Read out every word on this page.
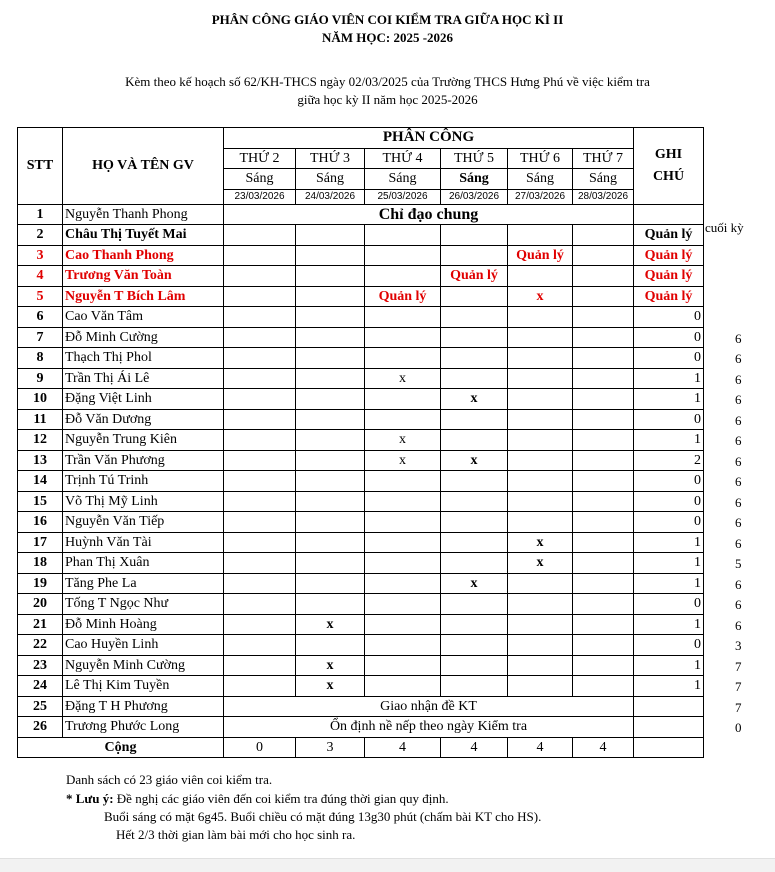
PHÂN CÔNG GIÁO VIÊN COI KIỂM TRA GIỮA HỌC KÌ II
NĂM HỌC: 2025 -2026
Kèm theo kế hoạch số 62/KH-THCS ngày 02/03/2025 của Trường THCS Hưng Phú về việc kiểm tra
giữa học kỳ II năm học 2025-2026
STT	HỌ VÀ TÊN GV	PHÂN CÔNG						GHI
CHÚ
		THỨ 2	THỨ 3	THỨ 4	THỨ 5	THỨ 6	THỨ 7	
		Sáng	Sáng	Sáng	Sáng	Sáng	Sáng	
		23/03/2026	24/03/2026	25/03/2026	26/03/2026	27/03/2026	28/03/2026	
1	Nguyễn Thanh Phong	Chỉ đạo chung						
2	Châu Thị Tuyết Mai							Quản lý
3	Cao Thanh Phong					Quản lý		Quản lý
4	Trương Văn Toàn				Quản lý			Quản lý
5	Nguyễn T Bích Lâm			Quản lý		x		Quản lý
6	Cao Văn Tâm							0
7	Đỗ Minh Cường							0
8	Thạch Thị Phol							0
9	Trần Thị Ái Lê			x				1
10	Đặng Việt Linh				x			1
11	Đỗ Văn Dương							0
12	Nguyễn Trung Kiên			x				1
13	Trần Văn Phương			x	x			2
14	Trịnh Tú Trinh							0
15	Võ Thị Mỹ Linh							0
16	Nguyễn Văn Tiếp							0
17	Huỳnh Văn Tài					x		1
18	Phan Thị Xuân					x		1
19	Tăng Phe La				x			1
20	Tống T Ngọc Như							0
21	Đỗ Minh Hoàng		x					1
22	Cao Huyền Linh							0
23	Nguyễn Minh Cường		x					1
24	Lê Thị Kim Tuyền		x					1
25	Đặng T H Phương	Giao nhận đề KT						
26	Trương Phước Long	Ổn định nề nếp theo ngày Kiểm tra						
Cộng		0	3	4	4	4	4	
cuối kỳ
6
6
6
6
6
6
6
6
6
6
6
5
6
6
6
3
7
7
7
0
Danh sách có 23 giáo viên coi kiểm tra.
* Lưu ý: Đề nghị các giáo viên đến coi kiểm tra đúng thời gian quy định.
Buổi sáng có mặt 6g45. Buổi chiều có mặt đúng 13g30 phút (chấm bài KT cho HS).
Hết 2/3 thời gian làm bài mới cho học sinh ra.
